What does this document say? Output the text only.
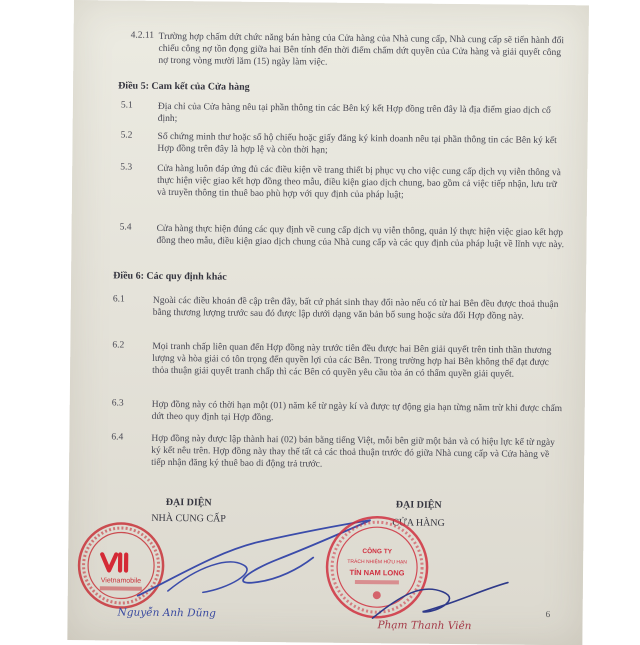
4.2.11 Trường hợp chấm dứt chức năng bán hàng của Cửa hàng của Nhà cung cấp, Nhà cung cấp sẽ tiến hành đối chiếu công nợ tồn đọng giữa hai Bên tính đến thời điểm chấm dứt quyền của Cửa hàng và giải quyết công nợ trong vòng mười lăm (15) ngày làm việc.
Điều 5: Cam kết của Cửa hàng
5.1	Địa chỉ của Cửa hàng nêu tại phần thông tin các Bên ký kết Hợp đồng trên đây là địa điểm giao dịch cố định;
5.2	Số chứng minh thư hoặc số hộ chiếu hoặc giấy đăng ký kinh doanh nêu tại phần thông tin các Bên ký kết Hợp đồng trên đây là hợp lệ và còn thời hạn;
5.3	Cửa hàng luôn đáp ứng đủ các điều kiện về trang thiết bị phục vụ cho việc cung cấp dịch vụ viễn thông và thực hiện việc giao kết hợp đồng theo mẫu, điều kiện giao dịch chung, bao gồm cả việc tiếp nhận, lưu trữ và truyền thông tin thuê bao phù hợp với quy định của pháp luật;
5.4	Cửa hàng thực hiện đúng các quy định về cung cấp dịch vụ viễn thông, quản lý thực hiện việc giao kết hợp đồng theo mẫu, điều kiện giao dịch chung của Nhà cung cấp và các quy định của pháp luật về lĩnh vực này.
Điều 6: Các quy định khác
6.1	Ngoài các điều khoản đề cập trên đây, bất cứ phát sinh thay đổi nào nếu có từ hai Bên đều được thoả thuận bằng thương lượng trước sau đó được lập dưới dạng văn bản bổ sung hoặc sửa đổi Hợp đồng này.
6.2	Mọi tranh chấp liên quan đến Hợp đồng này trước tiên đều được hai Bên giải quyết trên tinh thần thương lượng và hòa giải có tôn trọng đến quyền lợi của các Bên. Trong trường hợp hai Bên không thể đạt được thỏa thuận giải quyết tranh chấp thì các Bên có quyền yêu cầu tòa án có thẩm quyền giải quyết.
6.3	Hợp đồng này có thời hạn một (01) năm kể từ ngày kí và được tự động gia hạn từng năm trừ khi được chấm dứt theo quy định tại Hợp đồng.
6.4	Hợp đồng này được lập thành hai (02) bản bằng tiếng Việt, mỗi bên giữ một bản và có hiệu lực kể từ ngày ký kết nêu trên. Hợp đồng này thay thế tất cả các thoả thuận trước đó giữa Nhà cung cấp và Cửa hàng về tiếp nhận đăng ký thuê bao di động trả trước.
ĐẠI DIỆN
NHÀ CUNG CẤP
ĐẠI DIỆN
CỬA HÀNG
Vietnamobile
Nguyễn Anh Dũng
CÔNG TY
TRÁCH NHIỆM HỮU HẠN
TÍN NAM LONG
Phạm Thanh Viên
6
